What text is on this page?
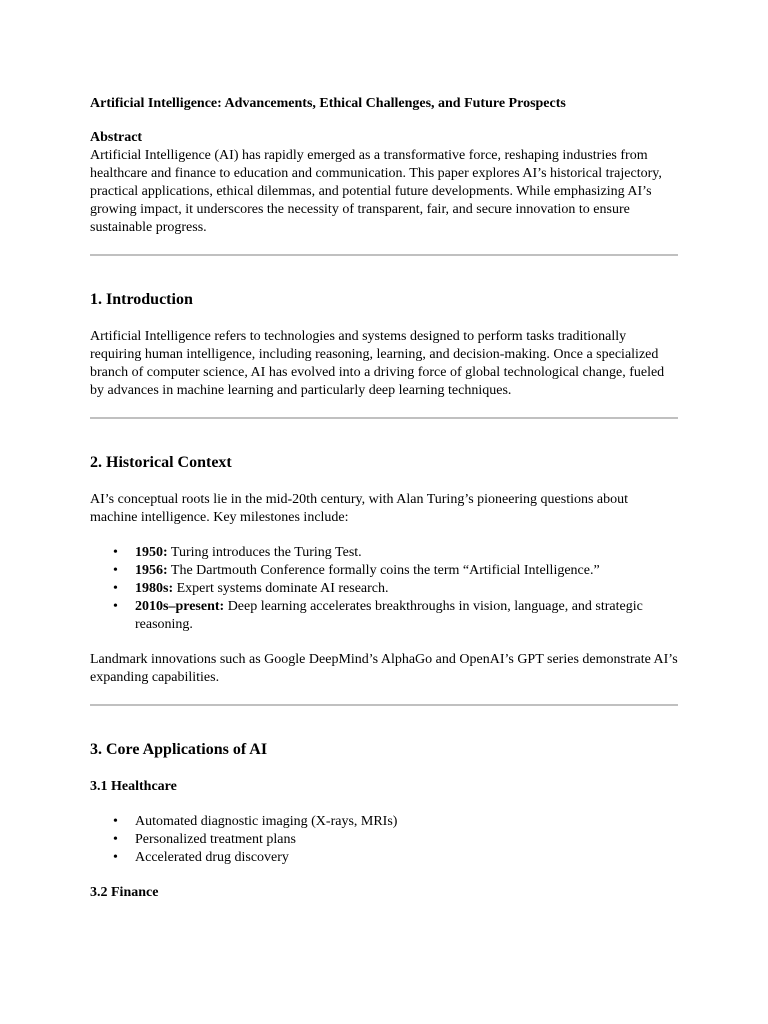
Artificial Intelligence: Advancements, Ethical Challenges, and Future Prospects

Abstract

Artificial Intelligence (AI) has rapidly emerged as a transformative force, reshaping industries from healthcare and finance to education and communication. This paper explores AI’s historical trajectory, practical applications, ethical dilemmas, and potential future developments. While emphasizing AI’s growing impact, it underscores the necessity of transparent, fair, and secure innovation to ensure sustainable progress.

1. Introduction

Artificial Intelligence refers to technologies and systems designed to perform tasks traditionally requiring human intelligence, including reasoning, learning, and decision-making. Once a specialized branch of computer science, AI has evolved into a driving force of global technological change, fueled by advances in machine learning and particularly deep learning techniques.

2. Historical Context

AI’s conceptual roots lie in the mid-20th century, with Alan Turing’s pioneering questions about machine intelligence. Key milestones include:

• 1950: Turing introduces the Turing Test.
• 1956: The Dartmouth Conference formally coins the term “Artificial Intelligence.”
• 1980s: Expert systems dominate AI research.
• 2010s–present: Deep learning accelerates breakthroughs in vision, language, and strategic reasoning.

Landmark innovations such as Google DeepMind’s AlphaGo and OpenAI’s GPT series demonstrate AI’s expanding capabilities.

3. Core Applications of AI
3.1 Healthcare
• Automated diagnostic imaging (X-rays, MRIs)
• Personalized treatment plans
• Accelerated drug discovery
3.2 Finance
